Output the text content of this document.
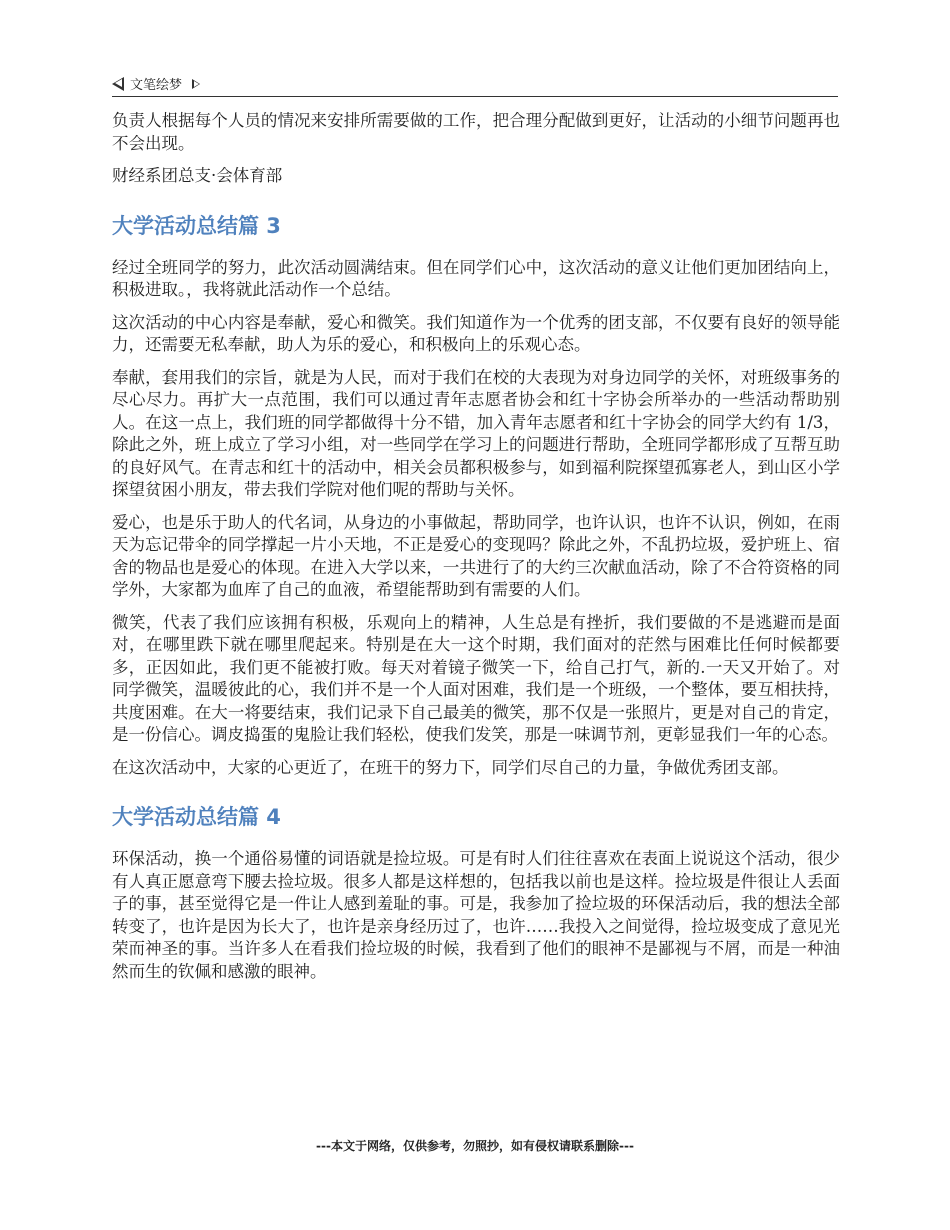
文笔绘梦

负责人根据每个人员的情况来安排所需要做的工作，把合理分配做到更好，让活动的小细节问题再也不会出现。

财经系团总支·会体育部

大学活动总结篇 3

经过全班同学的努力，此次活动圆满结束。但在同学们心中，这次活动的意义让他们更加团结向上，积极进取。，我将就此活动作一个总结。

这次活动的中心内容是奉献，爱心和微笑。我们知道作为一个优秀的团支部，不仅要有良好的领导能力，还需要无私奉献，助人为乐的爱心，和积极向上的乐观心态。

奉献，套用我们的宗旨，就是为人民，而对于我们在校的大表现为对身边同学的关怀，对班级事务的尽心尽力。再扩大一点范围，我们可以通过青年志愿者协会和红十字协会所举办的一些活动帮助别人。在这一点上，我们班的同学都做得十分不错，加入青年志愿者和红十字协会的同学大约有 1/3，除此之外，班上成立了学习小组，对一些同学在学习上的问题进行帮助，全班同学都形成了互帮互助的良好风气。在青志和红十的活动中，相关会员都积极参与，如到福利院探望孤寡老人，到山区小学探望贫困小朋友，带去我们学院对他们呢的帮助与关怀。

爱心，也是乐于助人的代名词，从身边的小事做起，帮助同学，也许认识，也许不认识，例如，在雨天为忘记带伞的同学撑起一片小天地，不正是爱心的变现吗？除此之外，不乱扔垃圾，爱护班上、宿舍的物品也是爱心的体现。在进入大学以来，一共进行了的大约三次献血活动，除了不合符资格的同学外，大家都为血库了自己的血液，希望能帮助到有需要的人们。

微笑，代表了我们应该拥有积极，乐观向上的精神，人生总是有挫折，我们要做的不是逃避而是面对，在哪里跌下就在哪里爬起来。特别是在大一这个时期，我们面对的茫然与困难比任何时候都要多，正因如此，我们更不能被打败。每天对着镜子微笑一下，给自己打气，新的.一天又开始了。对同学微笑，温暖彼此的心，我们并不是一个人面对困难，我们是一个班级，一个整体，要互相扶持，共度困难。在大一将要结束，我们记录下自己最美的微笑，那不仅是一张照片，更是对自己的肯定，是一份信心。调皮捣蛋的鬼脸让我们轻松，使我们发笑，那是一味调节剂，更彰显我们一年的心态。

在这次活动中，大家的心更近了，在班干的努力下，同学们尽自己的力量，争做优秀团支部。

大学活动总结篇 4

环保活动，换一个通俗易懂的词语就是捡垃圾。可是有时人们往往喜欢在表面上说说这个活动，很少有人真正愿意弯下腰去捡垃圾。很多人都是这样想的，包括我以前也是这样。捡垃圾是件很让人丢面子的事，甚至觉得它是一件让人感到羞耻的事。可是，我参加了捡垃圾的环保活动后，我的想法全部转变了，也许是因为长大了，也许是亲身经历过了，也许……我投入之间觉得，捡垃圾变成了意见光荣而神圣的事。当许多人在看我们捡垃圾的时候，我看到了他们的眼神不是鄙视与不屑，而是一种油然而生的钦佩和感激的眼神。

---本文于网络，仅供参考，勿照抄，如有侵权请联系删除---
